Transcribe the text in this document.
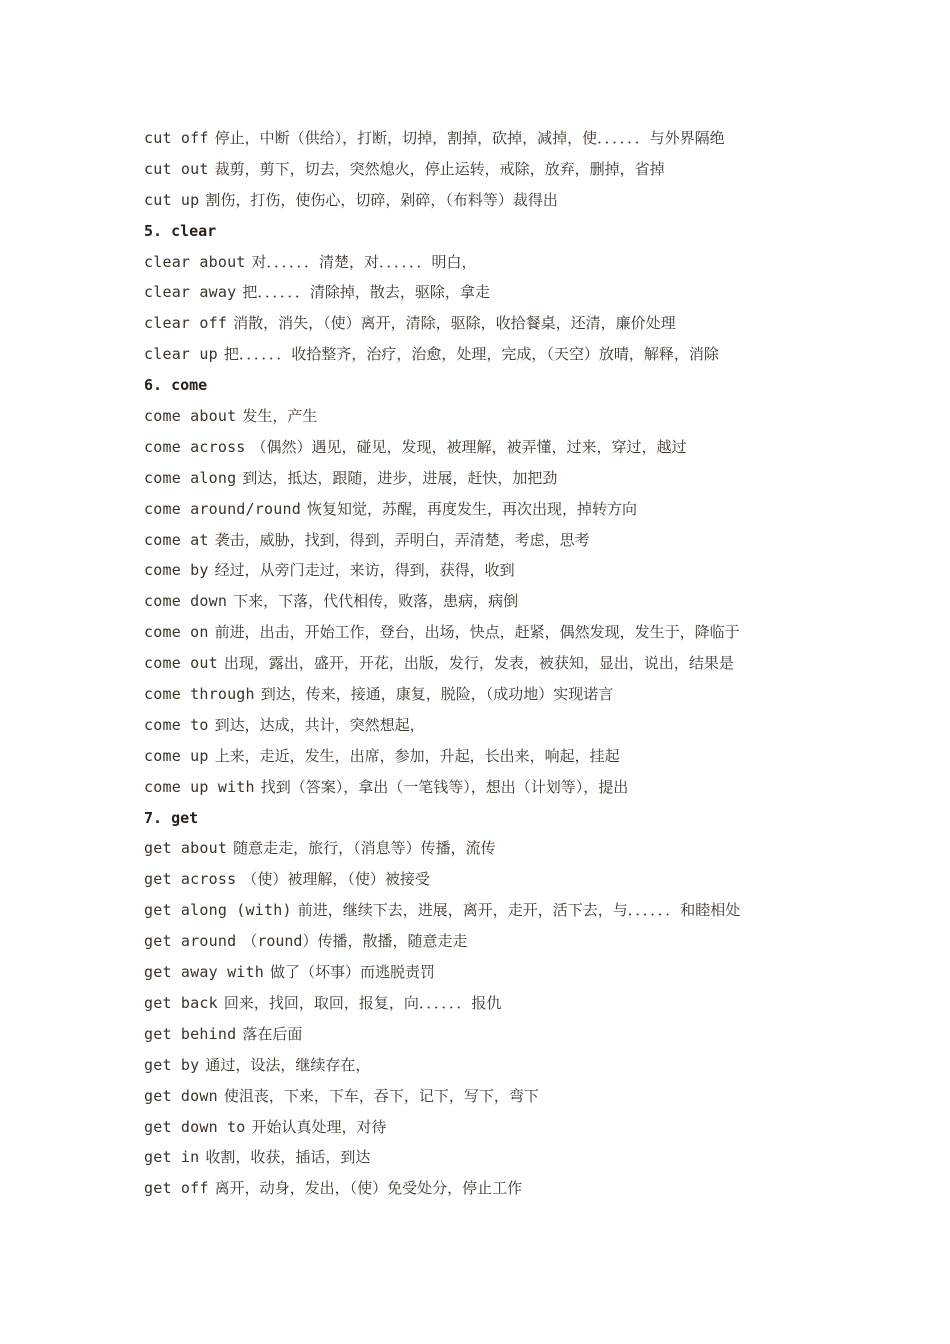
cut off 停止，中断（供给），打断，切掉，割掉，砍掉，减掉，使．．．．．．与外界隔绝
cut out 裁剪，剪下，切去，突然熄火，停止运转，戒除，放弃，删掉，省掉
cut up 割伤，打伤，使伤心，切碎，剁碎，（布料等）裁得出
5. clear
clear about 对．．．．．．清楚，对．．．．．．明白，
clear away 把．．．．．．清除掉，散去，驱除，拿走
clear off 消散，消失，（使）离开，清除，驱除，收拾餐桌，还清，廉价处理
clear up 把．．．．．．收拾整齐，治疗，治愈，处理，完成，（天空）放晴，解释，消除
6. come
come about 发生，产生
come across （偶然）遇见，碰见，发现，被理解，被弄懂，过来，穿过，越过
come along 到达，抵达，跟随，进步，进展，赶快，加把劲
come around/round 恢复知觉，苏醒，再度发生，再次出现，掉转方向
come at 袭击，威胁，找到，得到，弄明白，弄清楚，考虑，思考
come by 经过，从旁门走过，来访，得到，获得，收到
come down 下来，下落，代代相传，败落，患病，病倒
come on 前进，出击，开始工作，登台，出场，快点，赶紧，偶然发现，发生于，降临于
come out 出现，露出，盛开，开花，出版，发行，发表，被获知，显出，说出，结果是
come through 到达，传来，接通，康复，脱险，（成功地）实现诺言
come to 到达，达成，共计，突然想起，
come up 上来，走近，发生，出席，参加，升起，长出来，响起，挂起
come up with 找到（答案），拿出（一笔钱等），想出（计划等），提出
7. get
get about 随意走走，旅行，（消息等）传播，流传
get across （使）被理解，（使）被接受
get along (with) 前进，继续下去，进展，离开，走开，活下去，与．．．．．．和睦相处
get around （round）传播，散播，随意走走
get away with 做了（坏事）而逃脱责罚
get back 回来，找回，取回，报复，向．．．．．．报仇
get behind 落在后面
get by 通过，设法，继续存在，
get down 使沮丧，下来，下车，吞下，记下，写下，弯下
get down to 开始认真处理，对待
get in 收割，收获，插话，到达
get off 离开，动身，发出，（使）免受处分，停止工作
